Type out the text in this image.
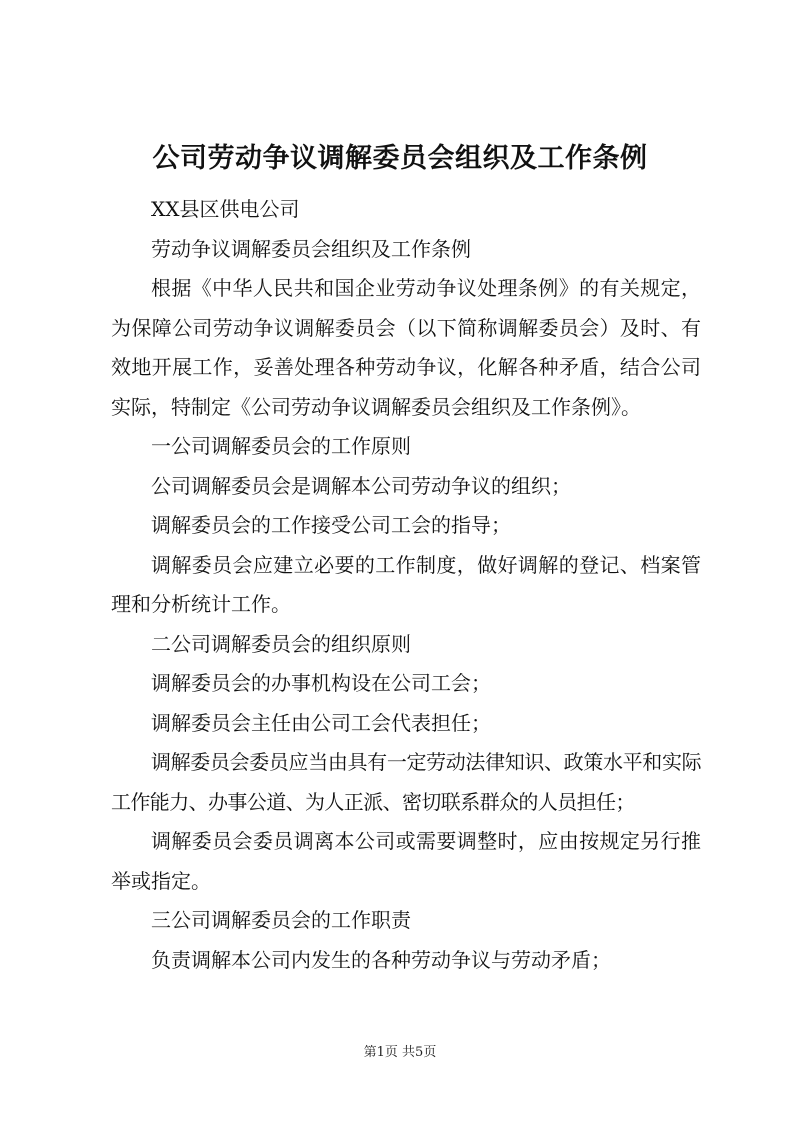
公司劳动争议调解委员会组织及工作条例

XX县区供电公司

劳动争议调解委员会组织及工作条例

根据《中华人民共和国企业劳动争议处理条例》的有关规定，为保障公司劳动争议调解委员会（以下简称调解委员会）及时、有效地开展工作，妥善处理各种劳动争议，化解各种矛盾，结合公司实际，特制定《公司劳动争议调解委员会组织及工作条例》。

一公司调解委员会的工作原则

公司调解委员会是调解本公司劳动争议的组织；

调解委员会的工作接受公司工会的指导；

调解委员会应建立必要的工作制度，做好调解的登记、档案管理和分析统计工作。

二公司调解委员会的组织原则

调解委员会的办事机构设在公司工会；

调解委员会主任由公司工会代表担任；

调解委员会委员应当由具有一定劳动法律知识、政策水平和实际工作能力、办事公道、为人正派、密切联系群众的人员担任；

调解委员会委员调离本公司或需要调整时，应由按规定另行推举或指定。

三公司调解委员会的工作职责

负责调解本公司内发生的各种劳动争议与劳动矛盾；

第1页 共5页
